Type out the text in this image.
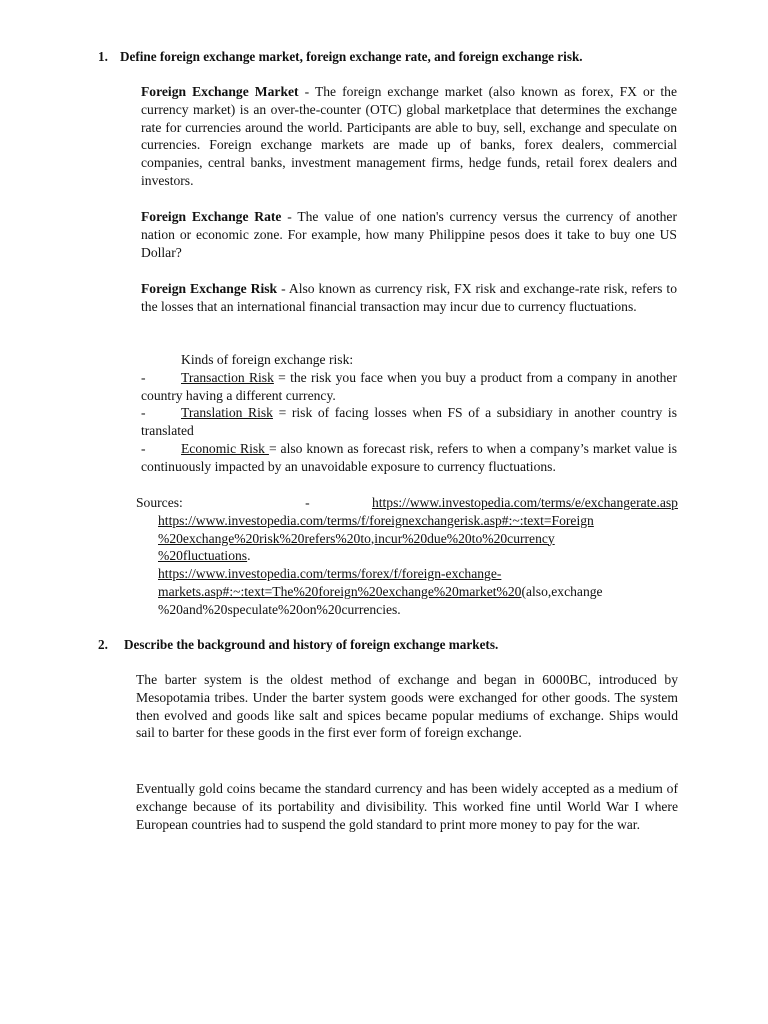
1. Define foreign exchange market, foreign exchange rate, and foreign exchange risk.
Foreign Exchange Market - The foreign exchange market (also known as forex, FX or the currency market) is an over-the-counter (OTC) global marketplace that determines the exchange rate for currencies around the world. Participants are able to buy, sell, exchange and speculate on currencies. Foreign exchange markets are made up of banks, forex dealers, commercial companies, central banks, investment management firms, hedge funds, retail forex dealers and investors.
Foreign Exchange Rate - The value of one nation's currency versus the currency of another nation or economic zone. For example, how many Philippine pesos does it take to buy one US Dollar?
Foreign Exchange Risk - Also known as currency risk, FX risk and exchange-rate risk, refers to the losses that an international financial transaction may incur due to currency fluctuations.
Kinds of foreign exchange risk:
-	Transaction Risk = the risk you face when you buy a product from a company in another country having a different currency.
-	Translation Risk = risk of facing losses when FS of a subsidiary in another country is translated
-	Economic Risk = also known as forecast risk, refers to when a company’s market value is continuously impacted by an unavoidable exposure to currency fluctuations.
Sources:	-	https://www.investopedia.com/terms/e/exchangerate.asp
https://www.investopedia.com/terms/f/foreignexchangerisk.asp#:~:text=Foreign
%20exchange%20risk%20refers%20to,incur%20due%20to%20currency
%20fluctuations.
https://www.investopedia.com/terms/forex/f/foreign-exchange-
markets.asp#:~:text=The%20foreign%20exchange%20market%20(also,exchange
%20and%20speculate%20on%20currencies.
2. Describe the background and history of foreign exchange markets.
The barter system is the oldest method of exchange and began in 6000BC, introduced by Mesopotamia tribes. Under the barter system goods were exchanged for other goods. The system then evolved and goods like salt and spices became popular mediums of exchange. Ships would sail to barter for these goods in the first ever form of foreign exchange.
Eventually gold coins became the standard currency and has been widely accepted as a medium of exchange because of its portability and divisibility. This worked fine until World War I where European countries had to suspend the gold standard to print more money to pay for the war.
